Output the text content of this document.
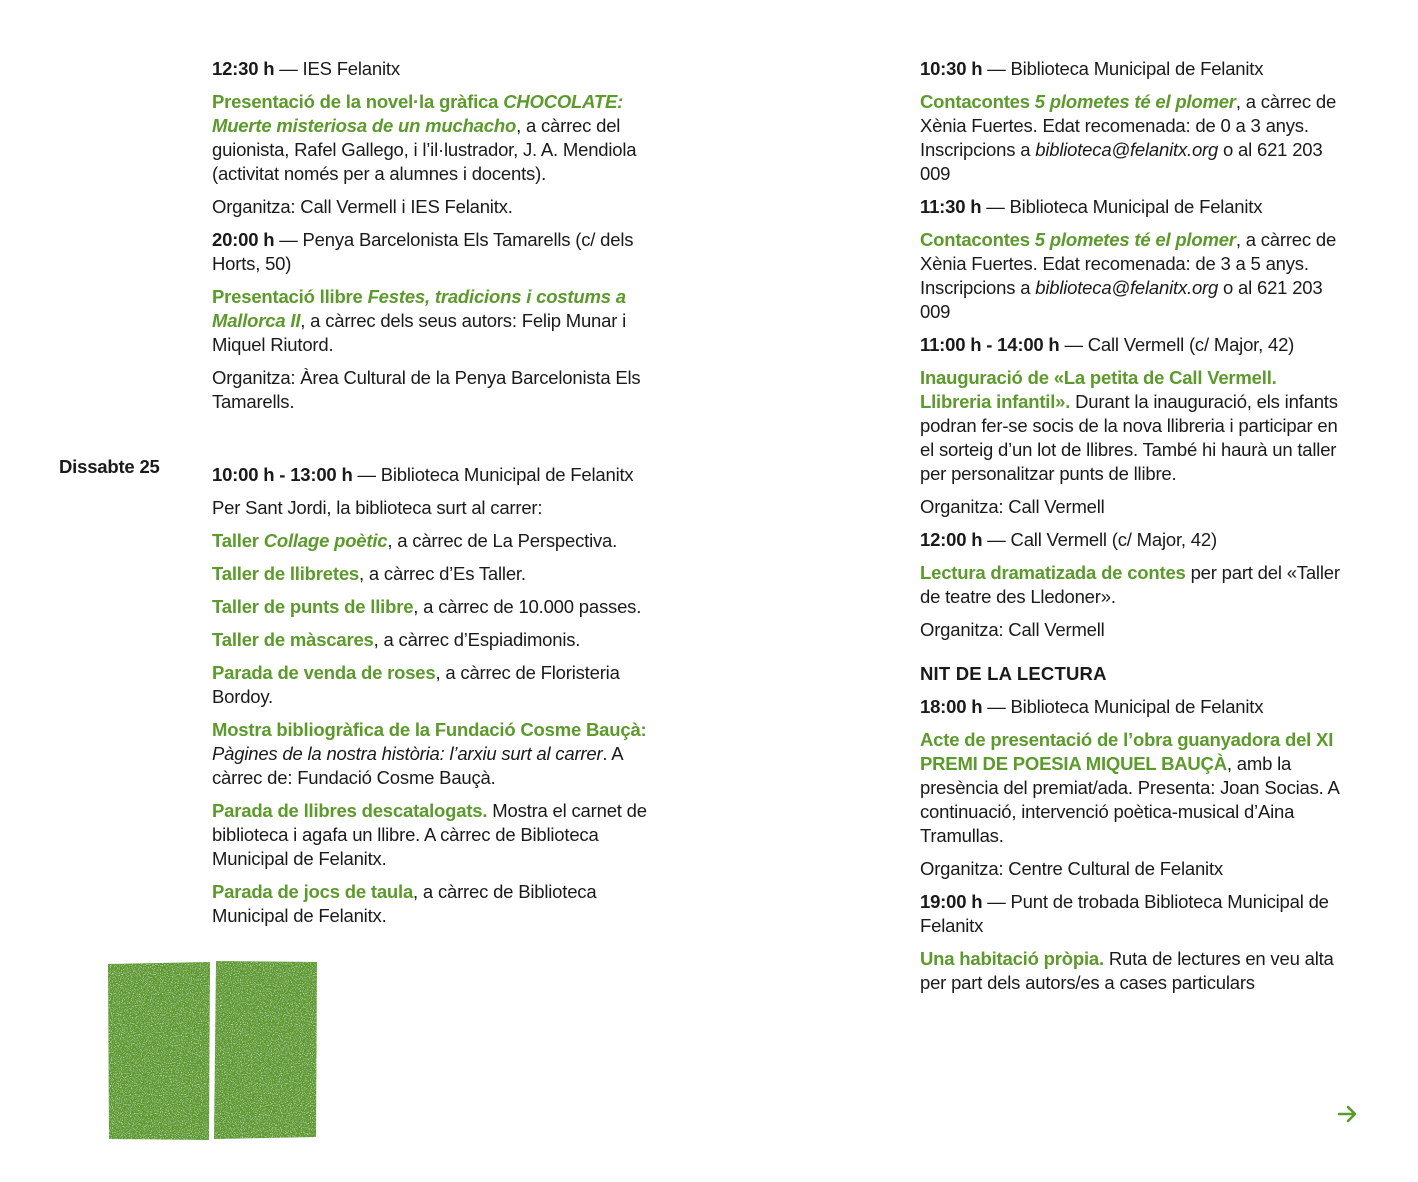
Dissabte 25

12:30 h — IES Felanitx

Presentació de la novel·la gràfica CHOCOLATE: Muerte misteriosa de un muchacho, a càrrec del guionista, Rafel Gallego, i l’il·lustrador, J. A. Mendiola (activitat només per a alumnes i docents).

Organitza: Call Vermell i IES Felanitx.

20:00 h — Penya Barcelonista Els Tamarells (c/ dels Horts, 50)

Presentació llibre Festes, tradicions i costums a Mallorca II, a càrrec dels seus autors: Felip Munar i Miquel Riutord.

Organitza: Àrea Cultural de la Penya Barcelonista Els Tamarells.

10:00 h - 13:00 h — Biblioteca Municipal de Felanitx

Per Sant Jordi, la biblioteca surt al carrer:

Taller Collage poètic, a càrrec de La Perspectiva.

Taller de llibretes, a càrrec d’Es Taller.

Taller de punts de llibre, a càrrec de 10.000 passes.

Taller de màscares, a càrrec d’Espiadimonis.

Parada de venda de roses, a càrrec de Floristeria Bordoy.

Mostra bibliogràfica de la Fundació Cosme Bauçà: Pàgines de la nostra història: l’arxiu surt al carrer. A càrrec de: Fundació Cosme Bauçà.

Parada de llibres descatalogats. Mostra el carnet de biblioteca i agafa un llibre. A càrrec de Biblioteca Municipal de Felanitx.

Parada de jocs de taula, a càrrec de Biblioteca Municipal de Felanitx.

10:30 h — Biblioteca Municipal de Felanitx

Contacontes 5 plometes té el plomer, a càrrec de Xènia Fuertes. Edat recomenada: de 0 a 3 anys. Inscripcions a biblioteca@felanitx.org o al 621 203 009

11:30 h — Biblioteca Municipal de Felanitx

Contacontes 5 plometes té el plomer, a càrrec de Xènia Fuertes. Edat recomenada: de 3 a 5 anys. Inscripcions a biblioteca@felanitx.org o al 621 203 009

11:00 h - 14:00 h — Call Vermell (c/ Major, 42)

Inauguració de «La petita de Call Vermell. Llibreria infantil». Durant la inauguració, els infants podran fer-se socis de la nova llibreria i participar en el sorteig d’un lot de llibres. També hi haurà un taller per personalitzar punts de llibre.

Organitza: Call Vermell

12:00 h — Call Vermell (c/ Major, 42)

Lectura dramatizada de contes per part del «Taller de teatre des Lledoner».

Organitza: Call Vermell

NIT DE LA LECTURA

18:00 h — Biblioteca Municipal de Felanitx

Acte de presentació de l’obra guanyadora del XI PREMI DE POESIA MIQUEL BAUÇÀ, amb la presència del premiat/ada. Presenta: Joan Socias. A continuació, intervenció poètica-musical d’Aina Tramullas.

Organitza: Centre Cultural de Felanitx

19:00 h — Punt de trobada Biblioteca Municipal de Felanitx

Una habitació pròpia. Ruta de lectures en veu alta per part dels autors/es a cases particulars
